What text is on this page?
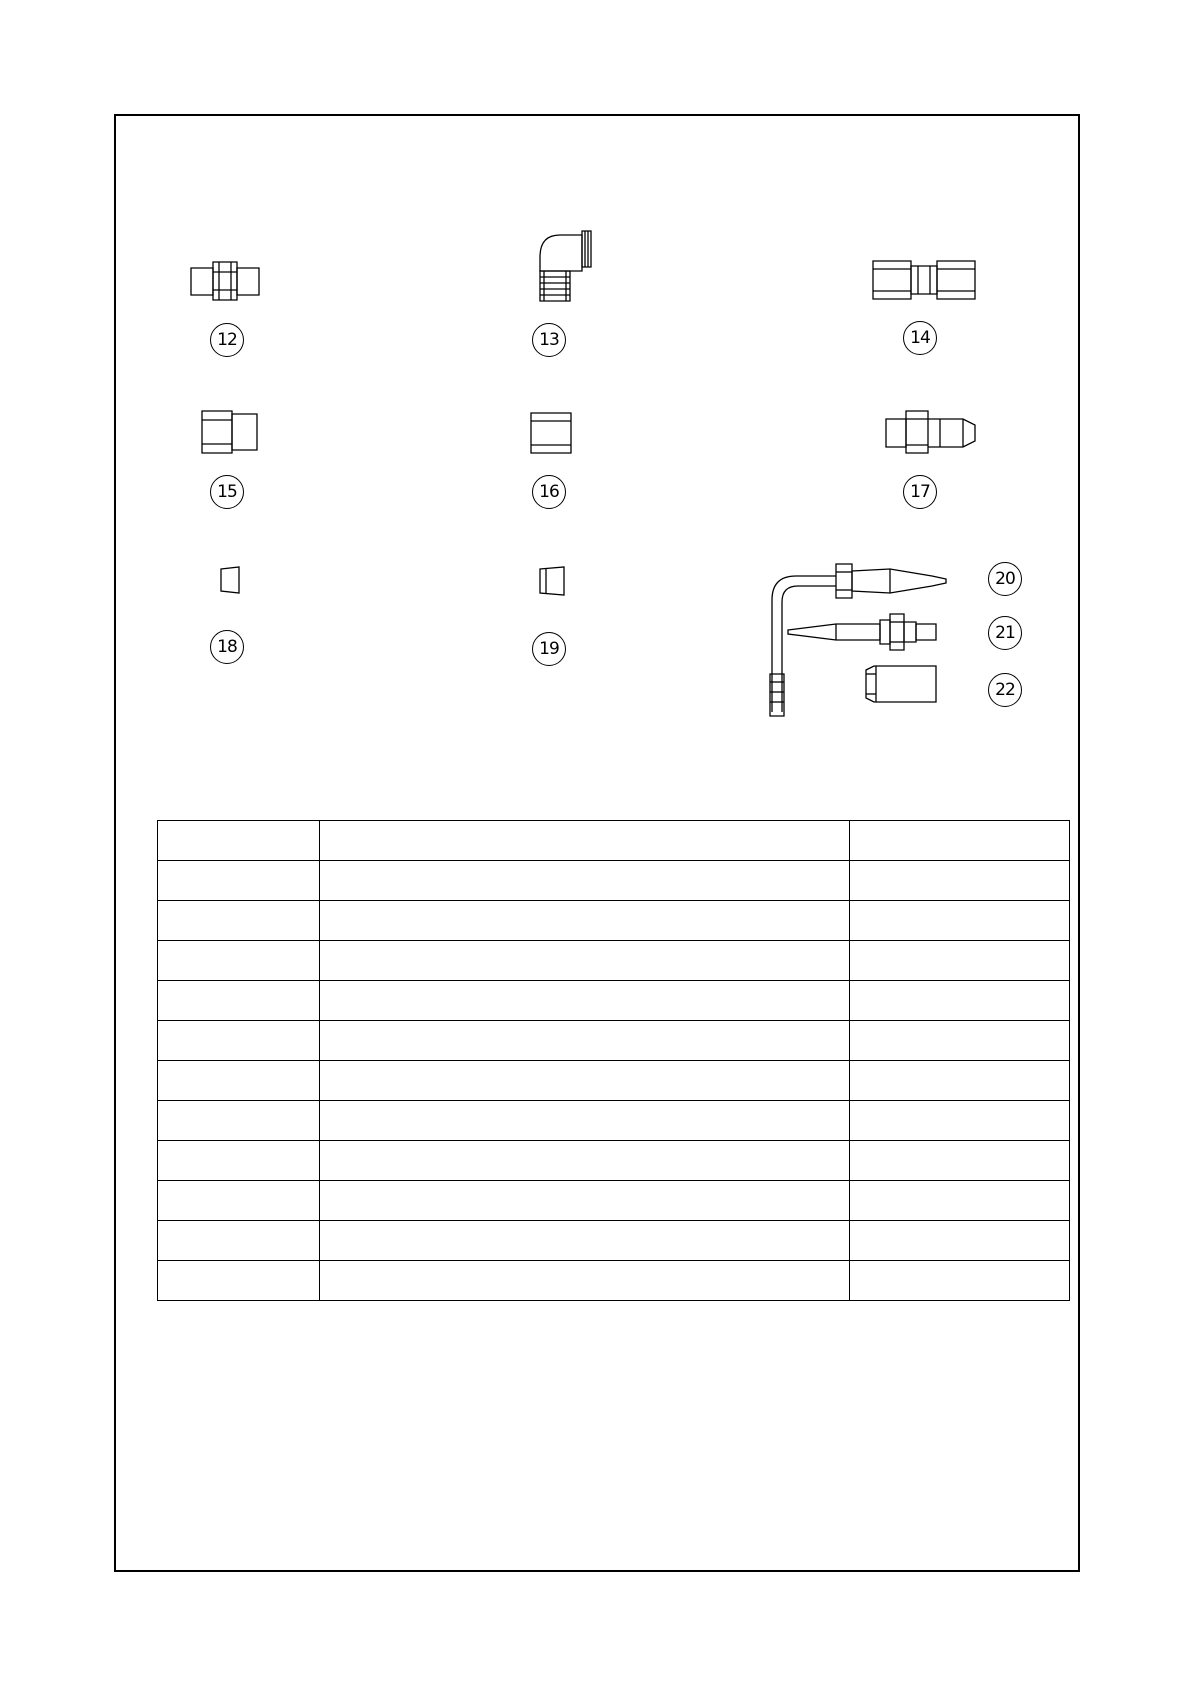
12	13	14
15	16	17
18	19
20
21
22
